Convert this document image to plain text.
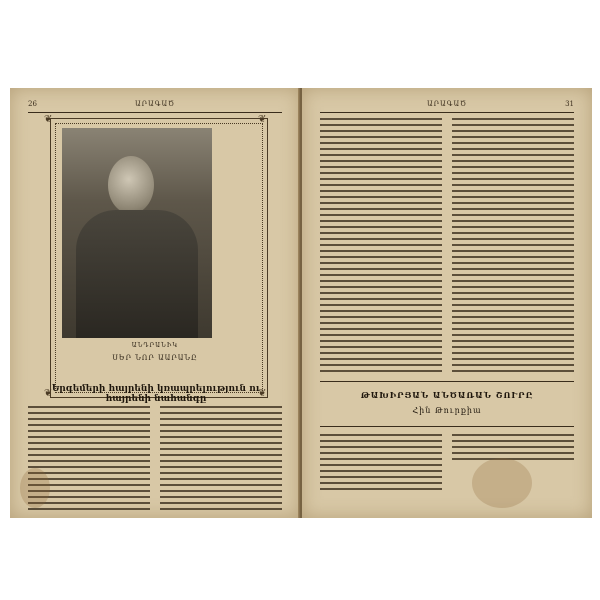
26	ԱՐԱԳԱԾ
❦	❦
❦	❦
ԱՆԴՐԱՆԻԿ
ՍԵՐ ՆՈՐ ԱԱՐԱՆԸ
Երգեմերի հայրենի կռապրելություն ու հայրենի նահանգը
ԱՐԱԳԱԾ	31
ԹԱԽԻՐՅԱՆ ԱՆԾԱՌԱՆ ՇՈՒՐԸ
Հին Թուրքիա
